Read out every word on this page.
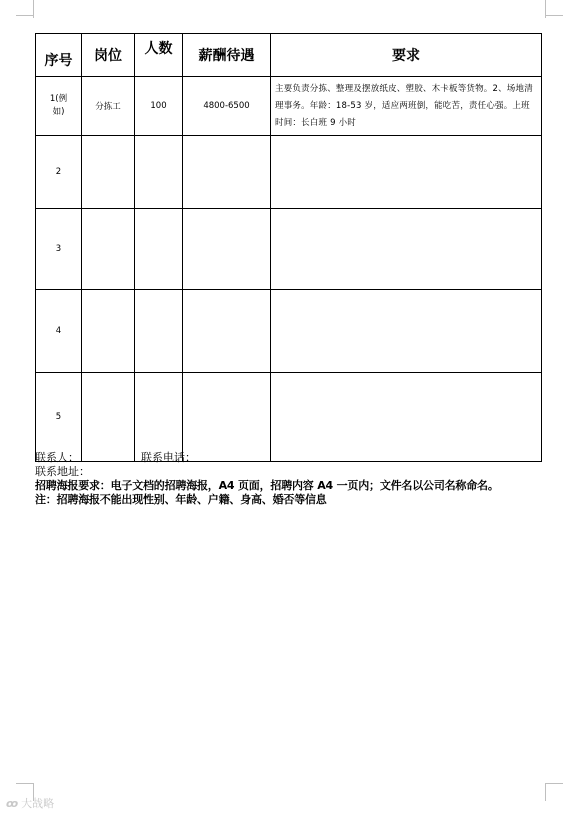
序号	岗位	人数	薪酬待遇	要求
1(例如)	分拣工	100	4800-6500	主要负责分拣、整理及摆放纸皮、塑胶、木卡板等货物。2、场地清理事务。年龄：18-53 岁，适应两班倒，能吃苦，责任心强。上班时间：长白班 9 小时
2				
3				
4				
5				
联系人：	联系电话：
联系地址：
招聘海报要求：电子文档的招聘海报，A4 页面，招聘内容 A4 一页内；文件名以公司名称命名。
注：招聘海报不能出现性别、年龄、户籍、身高、婚否等信息
ꝏ 大战略
